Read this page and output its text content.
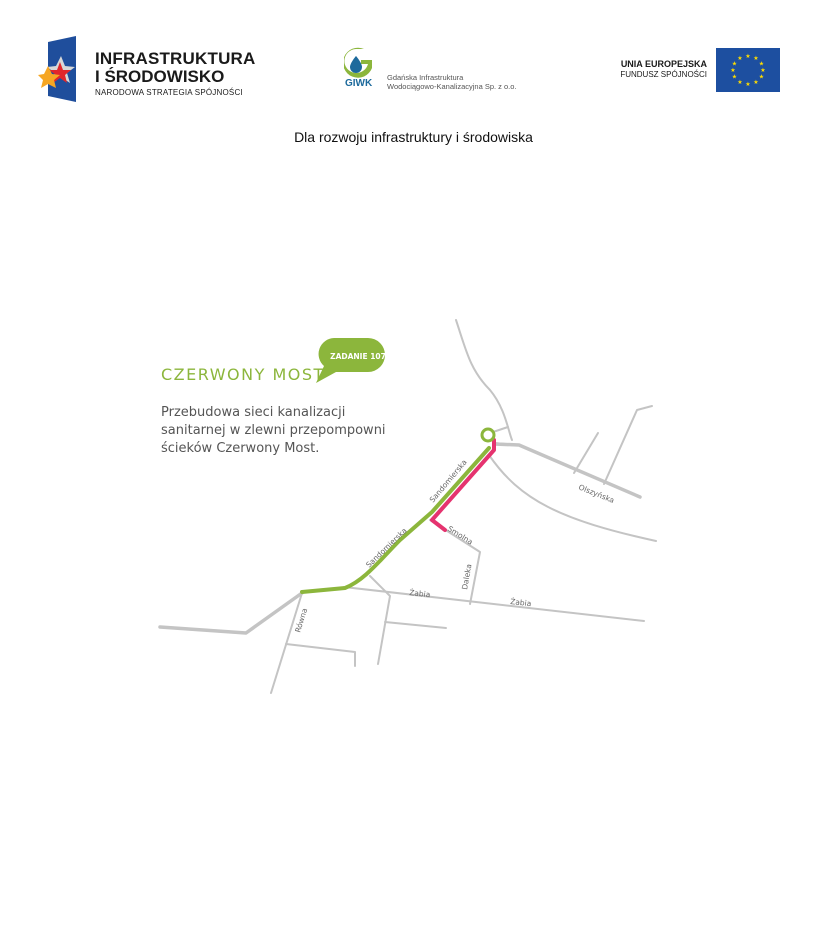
INFRASTRUKTURA
I ŚRODOWISKO
NARODOWA STRATEGIA SPÓJNOŚCI
GIWK
Gdańska Infrastruktura
Wodociągowo-Kanalizacyjna Sp. z o.o.
UNIA EUROPEJSKA
FUNDUSZ SPÓJNOŚCI
★ ★
★
★
★
★
★
★
★
★
★
★
Dla rozwoju infrastruktury i środowiska
Sandomierska
Sandomierska	Smolna
Daleka
Żabia
Żabia
Równa
Olszyńska
ZADANIE 107
CZERWONY MOST
Przebudowa sieci kanalizacji
sanitarnej w zlewni przepompowni
ścieków Czerwony Most.
